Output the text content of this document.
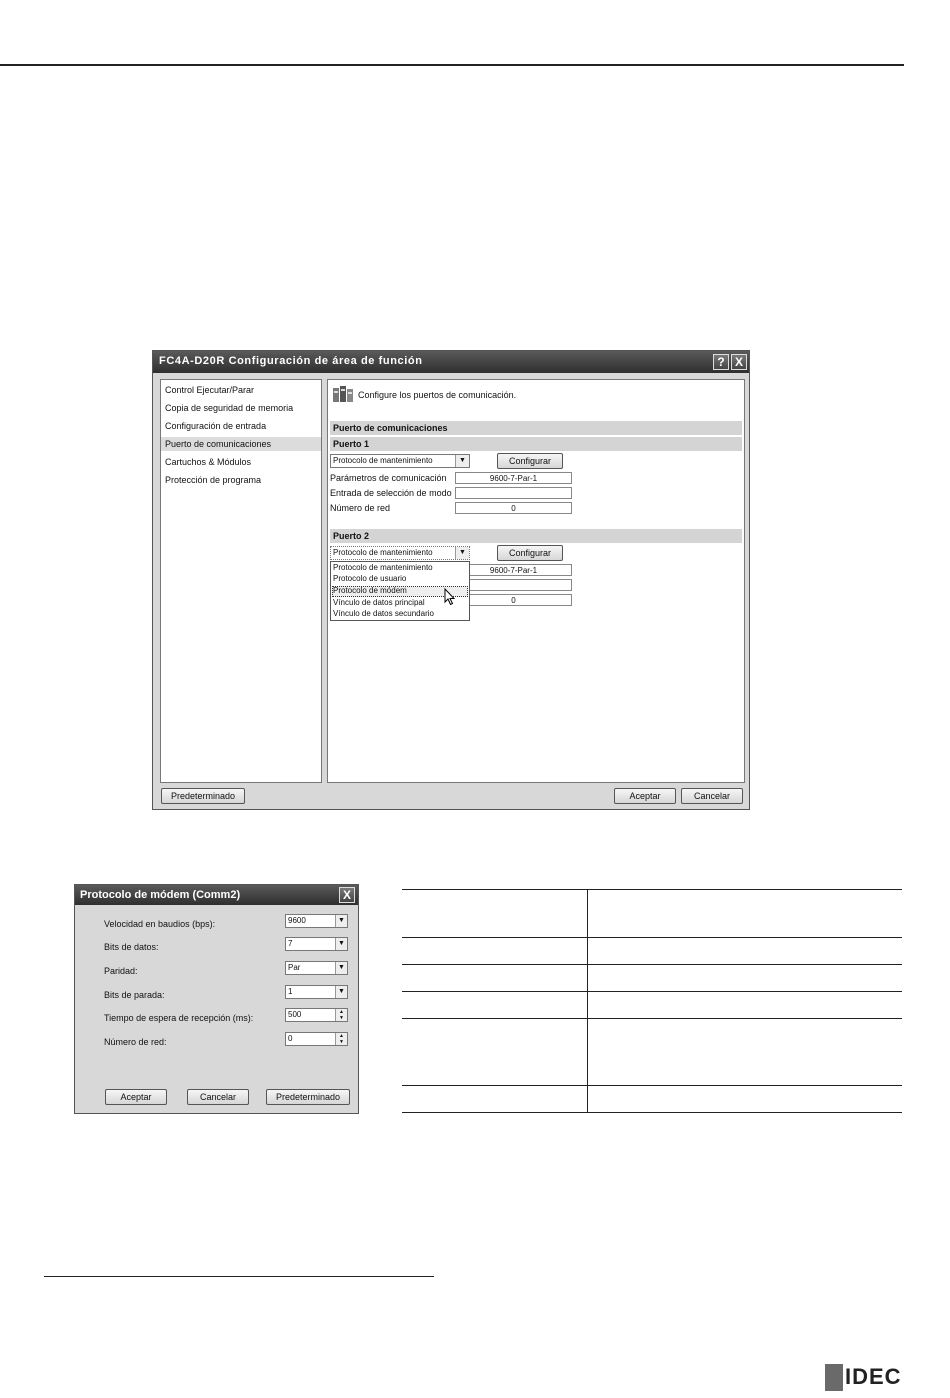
FC4A-D20R Configuración de área de función	? X
Control Ejecutar/Parar
Copia de seguridad de memoria
Configuración de entrada
Puerto de comunicaciones
Cartuchos & Módulos
Protección de programa
Configure los puertos de comunicación.
Puerto de comunicaciones
Puerto 1
Protocolo de mantenimiento	▼	Configurar
Parámetros de comunicación	9600-7-Par-1
Entrada de selección de modo
Número de red	0
Puerto 2
Protocolo de mantenimiento	▼	Configurar
9600-7-Par-1
0
Protocolo de mantenimiento
Protocolo de usuario
Protocolo de módem
Vínculo de datos principal
Vínculo de datos secundario
Predeterminado	Aceptar	Cancelar
Protocolo de módem (Comm2)	X
Velocidad en baudios (bps):	9600	▼
Bits de datos:	7	▼
Paridad:	Par	▼
Bits de parada:	1	▼
Tiempo de espera de recepción (ms):	500	▲
▼
Número de red:	0	▲
▼
Aceptar	Cancelar	Predeterminado
IDEC
